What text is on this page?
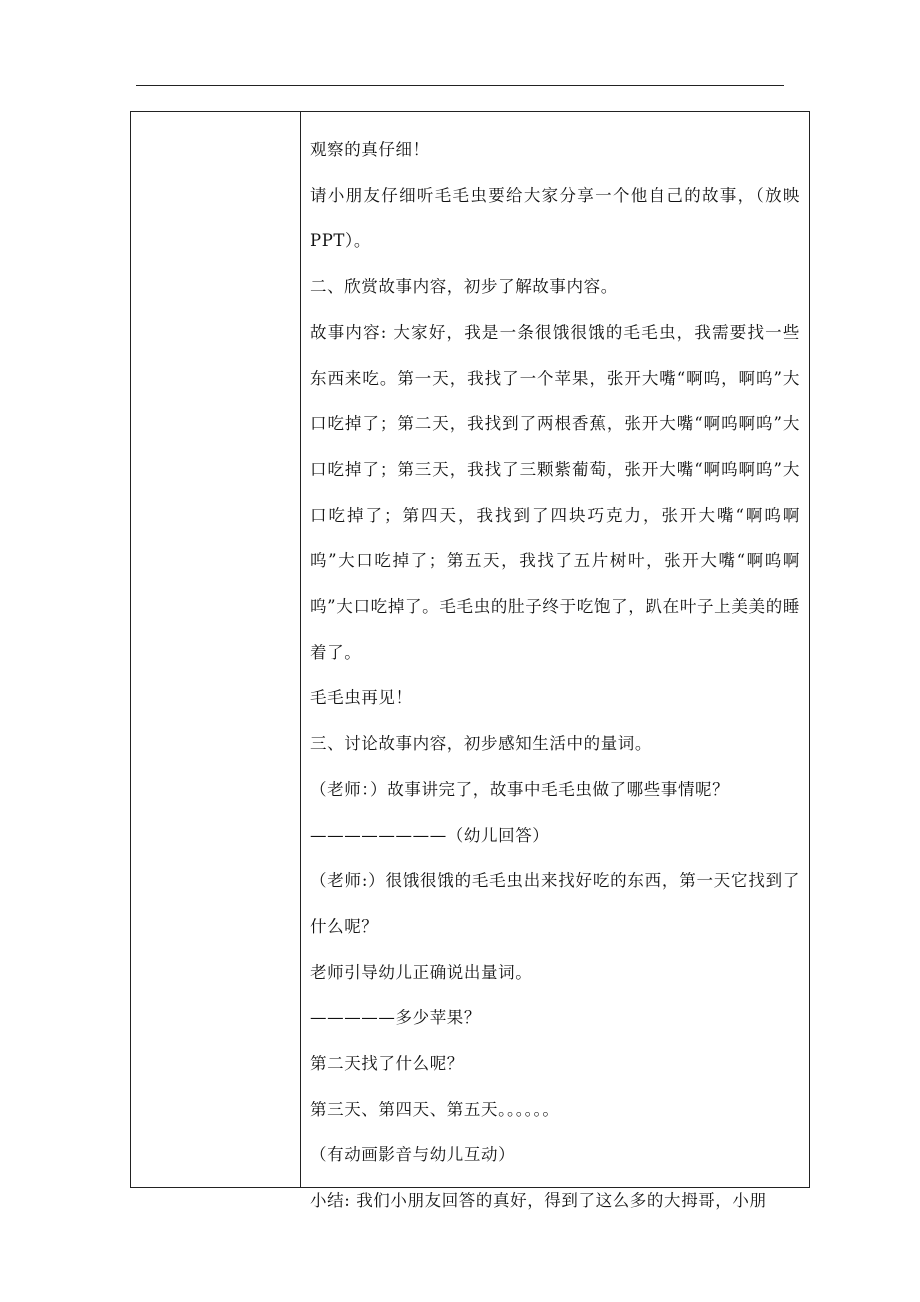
观察的真仔细！

请小朋友仔细听毛毛虫要给大家分享一个他自己的故事，（放映 PPT）。

二、欣赏故事内容，初步了解故事内容。

故事内容: 大家好，我是一条很饿很饿的毛毛虫，我需要找一些东西来吃。第一天，我找了一个苹果，张开大嘴“啊呜，啊呜”大口吃掉了；第二天，我找到了两根香蕉，张开大嘴“啊呜啊呜”大口吃掉了；第三天，我找了三颗紫葡萄，张开大嘴“啊呜啊呜”大口吃掉了；第四天，我找到了四块巧克力，张开大嘴“啊呜啊呜”大口吃掉了；第五天，我找了五片树叶，张开大嘴“啊呜啊呜”大口吃掉了。毛毛虫的肚子终于吃饱了，趴在叶子上美美的睡着了。

毛毛虫再见！

三、讨论故事内容，初步感知生活中的量词。

（老师：）故事讲完了，故事中毛毛虫做了哪些事情呢？

————————（幼儿回答）

（老师:）很饿很饿的毛毛虫出来找好吃的东西，第一天它找到了什么呢？

老师引导幼儿正确说出量词。

—————多少苹果？

第二天找了什么呢？

第三天、第四天、第五天。。。。。。

（有动画影音与幼儿互动）

小结: 我们小朋友回答的真好，得到了这么多的大拇哥，小朋
